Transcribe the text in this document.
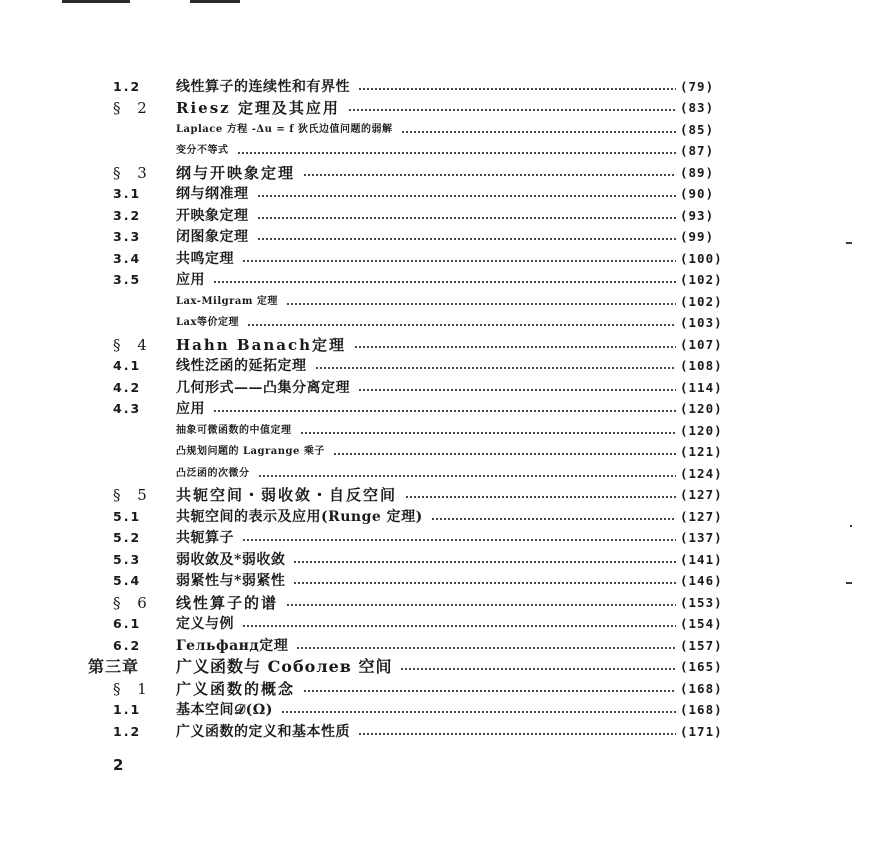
1.2	线性算子的连续性和有界性	(79)
§ 2	Riesz 定理及其应用	(83)
Laplace 方程 -Δu = f 狄氏边值问题的弱解	(85)
变分不等式	(87)
§ 3	纲与开映象定理	(89)
3.1	纲与纲准理	(90)
3.2	开映象定理	(93)
3.3	闭图象定理	(99)
3.4	共鸣定理	(100)
3.5	应用	(102)
Lax-Milgram 定理	(102)
Lax等价定理	(103)
§ 4	Hahn Banach定理	(107)
4.1	线性泛函的延拓定理	(108)
4.2	几何形式——凸集分离定理	(114)
4.3	应用	(120)
抽象可微函数的中值定理	(120)
凸规划问题的 Lagrange 乘子	(121)
凸泛函的次微分	(124)
§ 5	共轭空间・弱收敛・自反空间	(127)
5.1	共轭空间的表示及应用(Runge 定理)	(127)
5.2	共轭算子	(137)
5.3	弱收敛及*弱收敛	(141)
5.4	弱紧性与*弱紧性	(146)
§ 6	线性算子的谱	(153)
6.1	定义与例	(154)
6.2	Гельфанд定理	(157)
第三章	广义函数与 Соболев 空间	(165)
§ 1	广义函数的概念	(168)
1.1	基本空间𝒟(Ω)	(168)
1.2	广义函数的定义和基本性质	(171)
2
